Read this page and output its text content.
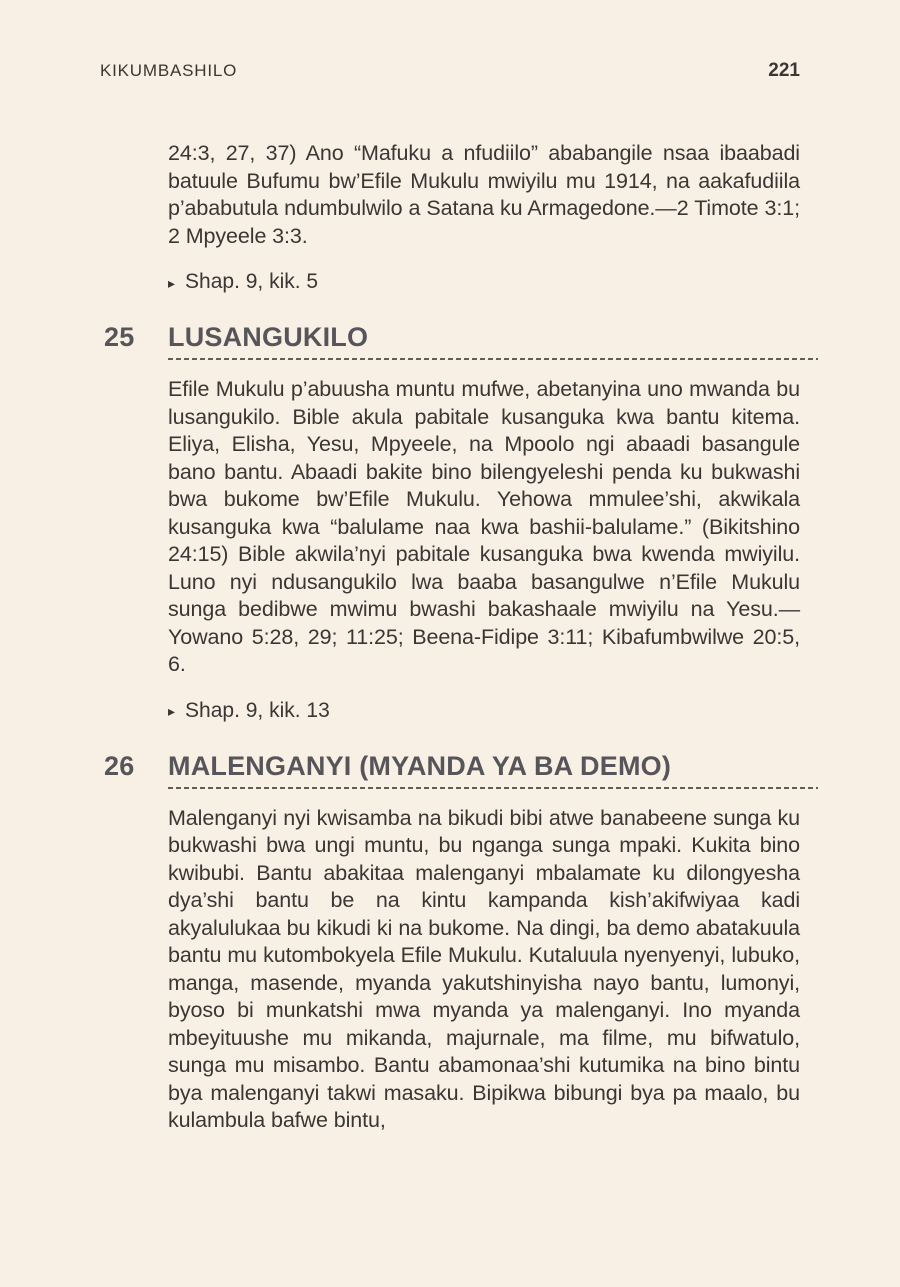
KIKUMBASHILO	221

24:3, 27, 37) Ano “Mafuku a nfudiilo” ababangile nsaa ibaabadi batuule Bufumu bw’Efile Mukulu mwiyilu mu 1914, na aakafudiila p’ababutula ndumbulwilo a Satana ku Armagedone.—2 Timote 3:1; 2 Mpyeele 3:3.

▸ Shap. 9, kik. 5

25 LUSANGUKILO

Efile Mukulu p’abuusha muntu mufwe, abetanyina uno mwanda bu lusangukilo. Bible akula pabitale kusanguka kwa bantu kitema. Eliya, Elisha, Yesu, Mpyeele, na Mpoolo ngi abaadi basangule bano bantu. Abaadi bakite bino bilengyeleshi penda ku bukwashi bwa bukome bw’Efile Mukulu. Yehowa mmulee’shi, akwikala kusanguka kwa “balulame naa kwa bashii-balulame.” (Bikitshino 24:15) Bible akwila’nyi pabitale kusanguka bwa kwenda mwiyilu. Luno nyi ndusangukilo lwa baaba basangulwe n’Efile Mukulu sunga bedibwe mwimu bwashi bakashaale mwiyilu na Yesu.—Yowano 5:28, 29; 11:25; Beena-Fidipe 3:11; Kibafumbwilwe 20:5, 6.

▸ Shap. 9, kik. 13

26 MALENGANYI (MYANDA YA BA DEMO)

Malenganyi nyi kwisamba na bikudi bibi atwe banabeene sunga ku bukwashi bwa ungi muntu, bu nganga sunga mpaki. Kukita bino kwibubi. Bantu abakitaa malenganyi mbalamate ku dilongyesha dya’shi bantu be na kintu kampanda kish’akifwiyaa kadi akyalulukaa bu kikudi ki na bukome. Na dingi, ba demo abatakuula bantu mu kutombokyela Efile Mukulu. Kutaluula nyenyenyi, lubuko, manga, masende, myanda yakutshinyisha nayo bantu, lumonyi, byoso bi munkatshi mwa myanda ya malenganyi. Ino myanda mbeyituushe mu mikanda, majurnale, ma filme, mu bifwatulo, sunga mu misambo. Bantu abamonaa’shi kutumika na bino bintu bya malenganyi takwi masaku. Bipikwa bibungi bya pa maalo, bu kulambula bafwe bintu,
